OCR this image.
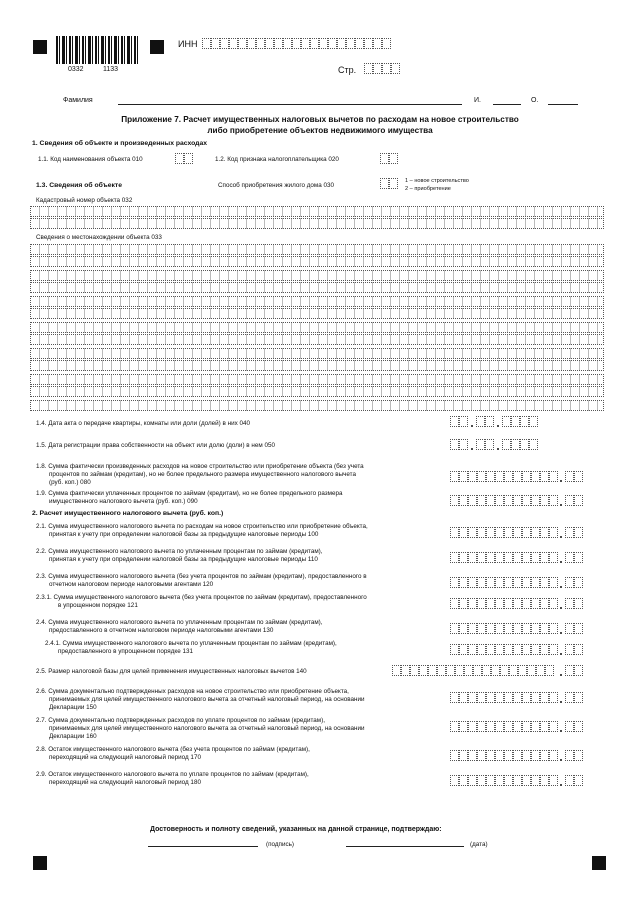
0332	1133
ИНН
Стр.
Фамилия	И.	О.
Приложение 7. Расчет имущественных налоговых вычетов по расходам на новое строительство
либо приобретение объектов недвижимого имущества
1. Сведения об объекте и произведенных расходах
1.1. Код наименования объекта 010	1.2. Код признака налогоплательщика 020
1.3. Сведения об объекте	Способ приобретения жилого дома 030
1 – новое строительство
2 – приобретение
Кадастровый номер объекта 032
Сведения о местонахождении объекта 033
1.4. Дата акта о передаче квартиры, комнаты или доли (долей) в них 040
1.5. Дата регистрации права собственности на объект или долю (доли) в нем 050
1.8. Сумма фактически произведенных расходов на новое строительство или приобретение объекта (без учета
процентов по займам (кредитам), но не более предельного размера имущественного налогового вычета
(руб. коп.) 080
1.9. Сумма фактически уплаченных процентов по займам (кредитам), но не более предельного размера
имущественного налогового вычета (руб. коп.) 090
2. Расчет имущественного налогового вычета (руб. коп.)
2.1. Сумма имущественного налогового вычета по расходам на новое строительство или приобретение объекта,
принятая к учету при определении налоговой базы за предыдущие налоговые периоды 100
2.2. Сумма имущественного налогового вычета по уплаченным процентам по займам (кредитам),
принятая к учету при определении налоговой базы за предыдущие налоговые периоды 110
2.3. Сумма имущественного налогового вычета (без учета процентов по займам (кредитам), предоставленного в
отчетном налоговом периоде налоговыми агентами 120
2.3.1. Сумма имущественного налогового вычета (без учета процентов по займам (кредитам), предоставленного
в упрощенном порядке 121
2.4. Сумма имущественного налогового вычета по уплаченным процентам по займам (кредитам),
предоставленного в отчетном налоговом периоде налоговыми агентами 130
2.4.1. Сумма имущественного налогового вычета по уплаченным процентам по займам (кредитам),
предоставленного в упрощенном порядке 131
2.5. Размер налоговой базы для целей применения имущественных налоговых вычетов 140
2.6. Сумма документально подтвержденных расходов на новое строительство или приобретение объекта,
принимаемых для целей имущественного налогового вычета за отчетный налоговый период, на основании
Декларации 150
2.7. Сумма документально подтвержденных расходов по уплате процентов по займам (кредитам),
принимаемых для целей имущественного налогового вычета за отчетный налоговый период, на основании
Декларации 160
2.8. Остаток имущественного налогового вычета (без учета процентов по займам (кредитам),
переходящий на следующий налоговый период 170
2.9. Остаток имущественного налогового вычета по уплате процентов по займам (кредитам),
переходящий на следующий налоговый период 180
Достоверность и полноту сведений, указанных на данной странице, подтверждаю:
(подпись)	(дата)
